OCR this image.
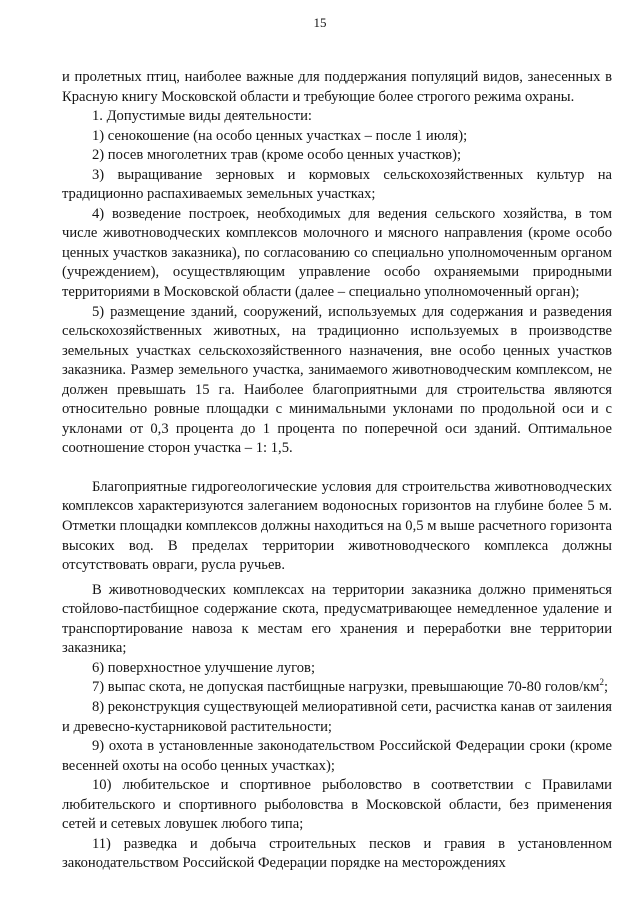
15

и пролетных птиц, наиболее важные для поддержания популяций видов, занесенных в Красную книгу Московской области и требующие более строгого режима охраны.

1. Допустимые виды деятельности:

1) сенокошение (на особо ценных участках – после 1 июля);

2) посев многолетних трав (кроме особо ценных участков);

3) выращивание зерновых и кормовых сельскохозяйственных культур на традиционно распахиваемых земельных участках;

4) возведение построек, необходимых для ведения сельского хозяйства, в том числе животноводческих комплексов молочного и мясного направления (кроме особо ценных участков заказника), по согласованию со специально уполномоченным органом (учреждением), осуществляющим управление особо охраняемыми природными территориями в Московской области (далее – специально уполномоченный орган);

5) размещение зданий, сооружений, используемых для содержания и разведения сельскохозяйственных животных, на традиционно используемых в производстве земельных участках сельскохозяйственного назначения, вне особо ценных участков заказника. Размер земельного участка, занимаемого животноводческим комплексом, не должен превышать 15 га. Наиболее благоприятными для строительства являются относительно ровные площадки с минимальными уклонами по продольной оси и с уклонами от 0,3 процента до 1 процента по поперечной оси зданий. Оптимальное соотношение сторон участка – 1: 1,5.

Благоприятные гидрогеологические условия для строительства животноводческих комплексов характеризуются залеганием водоносных горизонтов на глубине более 5 м. Отметки площадки комплексов должны находиться на 0,5 м выше расчетного горизонта высоких вод. В пределах территории животноводческого комплекса должны отсутствовать овраги, русла ручьев.

В животноводческих комплексах на территории заказника должно применяться стойлово-пастбищное содержание скота, предусматривающее немедленное удаление и транспортирование навоза к местам его хранения и переработки вне территории заказника;

6) поверхностное улучшение лугов;

7) выпас скота, не допуская пастбищные нагрузки, превышающие 70-80 голов/$км^2$;

8) реконструкция существующей мелиоративной сети, расчистка канав от заиления и древесно-кустарниковой растительности;

9) охота в установленные законодательством Российской Федерации сроки (кроме весенней охоты на особо ценных участках);

10) любительское и спортивное рыболовство в соответствии с Правилами любительского и спортивного рыболовства в Московской области, без применения сетей и сетевых ловушек любого типа;

11) разведка и добыча строительных песков и гравия в установленном законодательством Российской Федерации порядке на месторождениях
